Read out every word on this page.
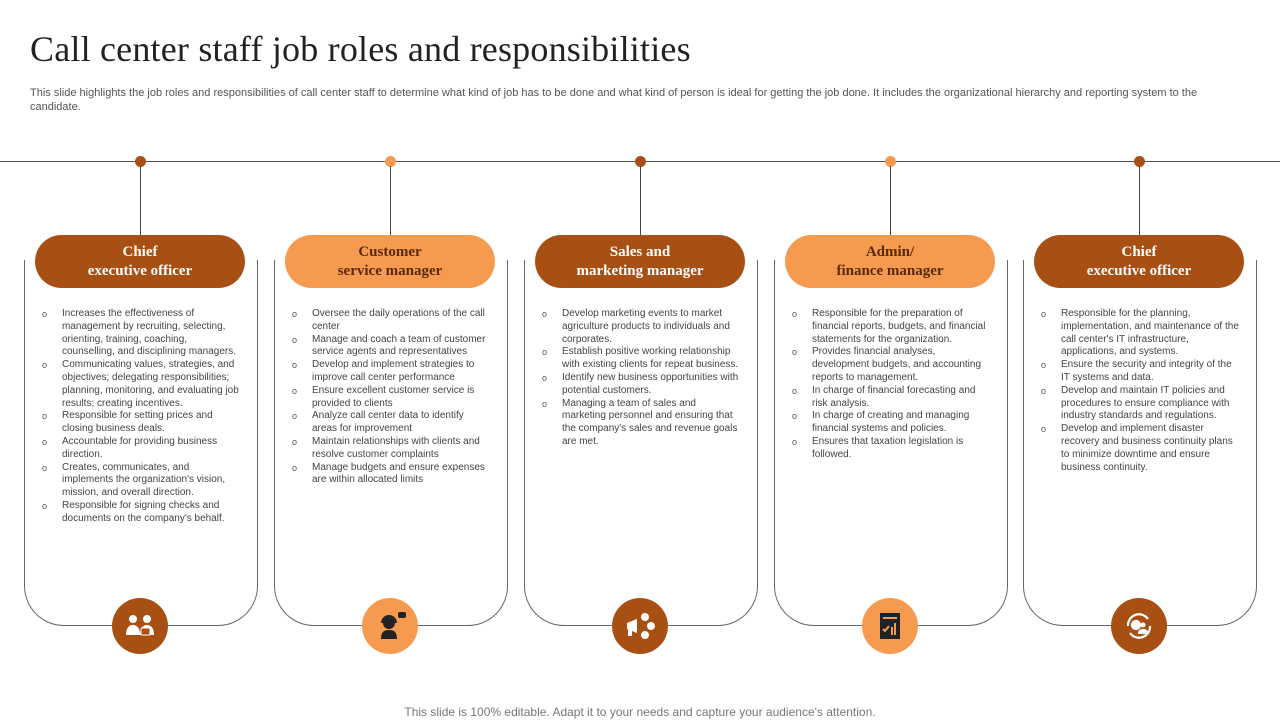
Call center staff job roles and responsibilities

This slide highlights the job roles and responsibilities of call center staff to determine what kind of job has to be done and what kind of person is ideal for getting the job done. It includes the organizational hierarchy and reporting system to the candidate.

Chief
executive officer
o Increases the effectiveness of management by recruiting, selecting, orienting, training, coaching, counselling, and disciplining managers.
o Communicating values, strategies, and objectives; delegating responsibilities; planning, monitoring, and evaluating job results; creating incentives.
o Responsible for setting prices and closing business deals.
o Accountable for providing business direction.
o Creates, communicates, and implements the organization's vision, mission, and overall direction.
o Responsible for signing checks and documents on the company's behalf.
Customer
service manager
o Oversee the daily operations of the call center
o Manage and coach a team of customer service agents and representatives
o Develop and implement strategies to improve call center performance
o Ensure excellent customer service is provided to clients
o Analyze call center data to identify areas for improvement
o Maintain relationships with clients and resolve customer complaints
o Manage budgets and ensure expenses are within allocated limits
Sales and
marketing manager
o Develop marketing events to market agriculture products to individuals and corporates.
o Establish positive working relationship with existing clients for repeat business.
o Identify new business opportunities with potential customers.
o Managing a team of sales and marketing personnel and ensuring that the company's sales and revenue goals are met.
Admin/
finance manager
o Responsible for the preparation of financial reports, budgets, and financial statements for the organization.
o Provides financial analyses, development budgets, and accounting reports to management.
o In charge of financial forecasting and risk analysis.
o In charge of creating and managing financial systems and policies.
o Ensures that taxation legislation is followed.
Chief
executive officer
o Responsible for the planning, implementation, and maintenance of the call center's IT infrastructure, applications, and systems.
o Ensure the security and integrity of the IT systems and data.
o Develop and maintain IT policies and procedures to ensure compliance with industry standards and regulations.
o Develop and implement disaster recovery and business continuity plans to minimize downtime and ensure business continuity.
This slide is 100% editable. Adapt it to your needs and capture your audience's attention.
